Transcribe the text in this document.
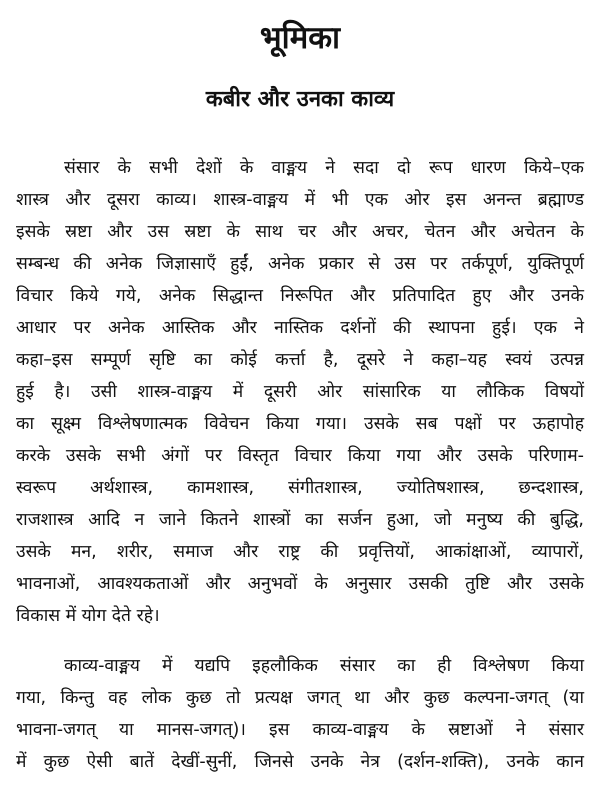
भूमिका
कबीर और उनका काव्य
संसार के सभी देशों के वाङ्मय ने सदा दो रूप धारण किये–एक
शास्त्र और दूसरा काव्य। शास्त्र-वाङ्मय में भी एक ओर इस अनन्त ब्रह्माण्ड
इसके स्रष्टा और उस स्रष्टा के साथ चर और अचर, चेतन और अचेतन के
सम्बन्ध की अनेक जिज्ञासाएँ हुईं, अनेक प्रकार से उस पर तर्कपूर्ण, युक्तिपूर्ण
विचार किये गये, अनेक सिद्धान्त निरूपित और प्रतिपादित हुए और उनके
आधार पर अनेक आस्तिक और नास्तिक दर्शनों की स्थापना हुई। एक ने
कहा–इस सम्पूर्ण सृष्टि का कोई कर्त्ता है, दूसरे ने कहा–यह स्वयं उत्पन्न
हुई है। उसी शास्त्र-वाङ्मय में दूसरी ओर सांसारिक या लौकिक विषयों
का सूक्ष्म विश्लेषणात्मक विवेचन किया गया। उसके सब पक्षों पर ऊहापोह
करके उसके सभी अंगों पर विस्तृत विचार किया गया और उसके परिणाम-
स्वरूप अर्थशास्त्र, कामशास्त्र, संगीतशास्त्र, ज्योतिषशास्त्र, छन्दशास्त्र,
राजशास्त्र आदि न जाने कितने शास्त्रों का सर्जन हुआ, जो मनुष्य की बुद्धि,
उसके मन, शरीर, समाज और राष्ट्र की प्रवृत्तियों, आकांक्षाओं, व्यापारों,
भावनाओं, आवश्यकताओं और अनुभवों के अनुसार उसकी तुष्टि और उसके
विकास में योग देते रहे।
काव्य-वाङ्मय में यद्यपि इहलौकिक संसार का ही विश्लेषण किया
गया, किन्तु वह लोक कुछ तो प्रत्यक्ष जगत् था और कुछ कल्पना-जगत् (या
भावना-जगत् या मानस-जगत्)। इस काव्य-वाङ्मय के स्रष्टाओं ने संसार
में कुछ ऐसी बातें देखीं-सुनीं, जिनसे उनके नेत्र (दर्शन-शक्ति), उनके कान
